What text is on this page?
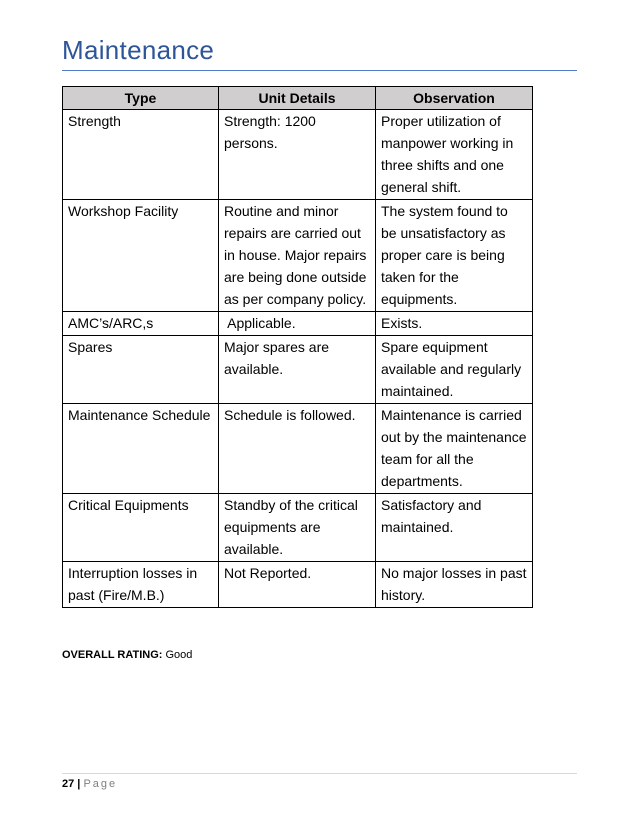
Maintenance
Type	Unit Details	Observation
Strength	Strength: 1200 persons.	Proper utilization of manpower working in three shifts and one general shift.
Workshop Facility	Routine and minor repairs are carried out in house. Major repairs are being done outside as per company policy.	The system found to be unsatisfactory as proper care is being taken for the equipments.
AMC’s/ARC,s	Applicable.	Exists.
Spares	Major spares are available.	Spare equipment available and regularly maintained.
Maintenance Schedule	Schedule is followed.	Maintenance is carried out by the maintenance team for all the departments.
Critical Equipments	Standby of the critical equipments are available.	Satisfactory and maintained.
Interruption losses in past (Fire/M.B.)	Not Reported.	No major losses in past history.
OVERALL RATING: Good
27 | Page
